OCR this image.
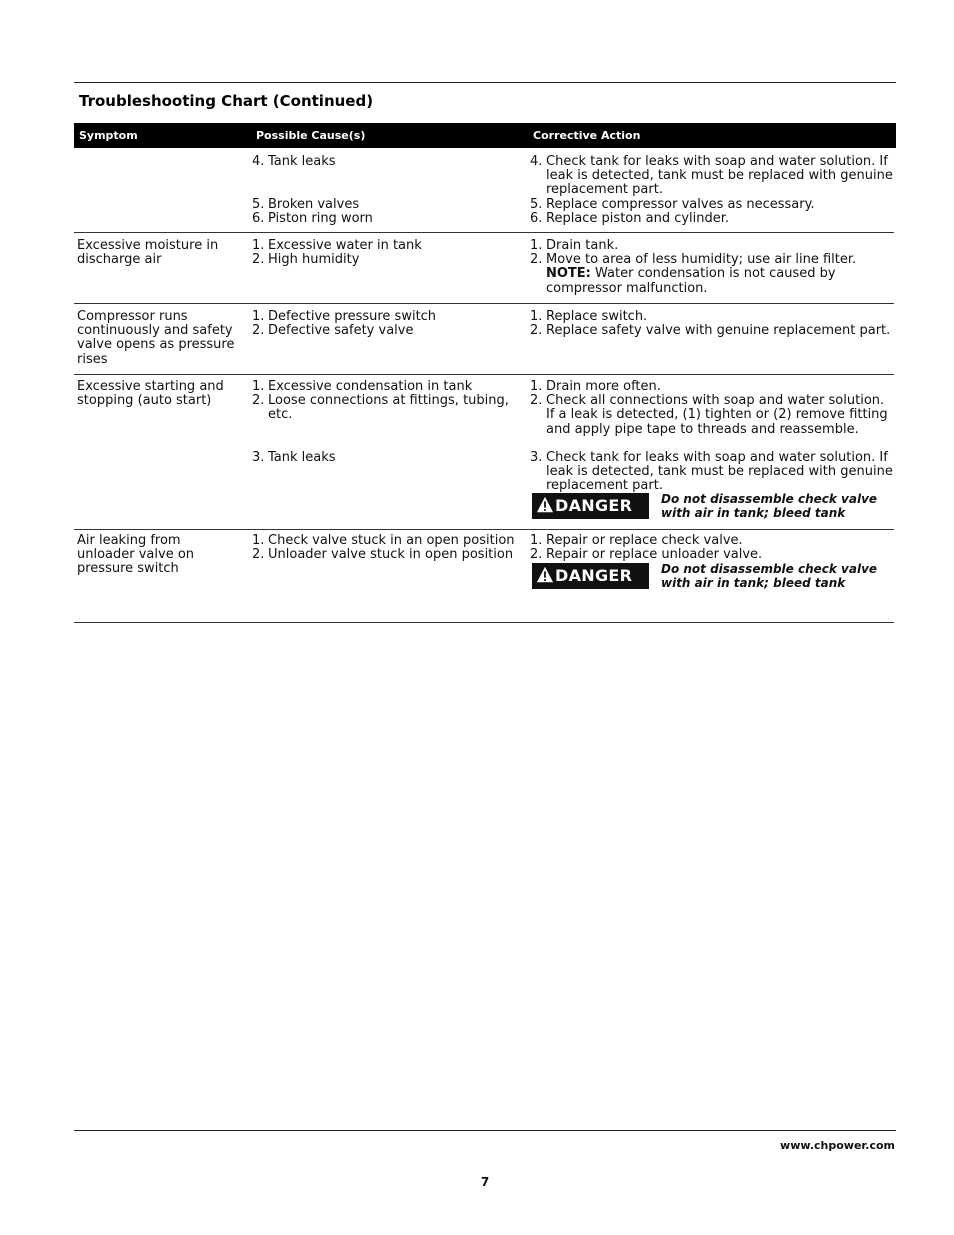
Troubleshooting Chart (Continued)
Symptom	Possible Cause(s)	Corrective Action
4. Tank leaks
5. Broken valves
6. Piston ring worn
4. Check tank for leaks with soap and water solution. If
leak is detected, tank must be replaced with genuine
replacement part.
5. Replace compressor valves as necessary.
6. Replace piston and cylinder.
Excessive moisture in
discharge air
1. Excessive water in tank
2. High humidity
1. Drain tank.
2. Move to area of less humidity; use air line filter.
NOTE: Water condensation is not caused by
compressor malfunction.
Compressor runs
continuously and safety
valve opens as pressure
rises
1. Defective pressure switch
2. Defective safety valve
1. Replace switch.
2. Replace safety valve with genuine replacement part.
Excessive starting and
stopping (auto start)
1. Excessive condensation in tank
2. Loose connections at fittings, tubing,
etc.
3. Tank leaks
1. Drain more often.
2. Check all connections with soap and water solution.
If a leak is detected, (1) tighten or (2) remove fitting
and apply pipe tape to threads and reassemble.
3. Check tank for leaks with soap and water solution. If
leak is detected, tank must be replaced with genuine
replacement part.
DANGER Do not disassemble check valve
with air in tank; bleed tank
Air leaking from
unloader valve on
pressure switch
1. Check valve stuck in an open position
2. Unloader valve stuck in open position
1. Repair or replace check valve.
2. Repair or replace unloader valve.
DANGER Do not disassemble check valve
with air in tank; bleed tank
www.chpower.com
7
